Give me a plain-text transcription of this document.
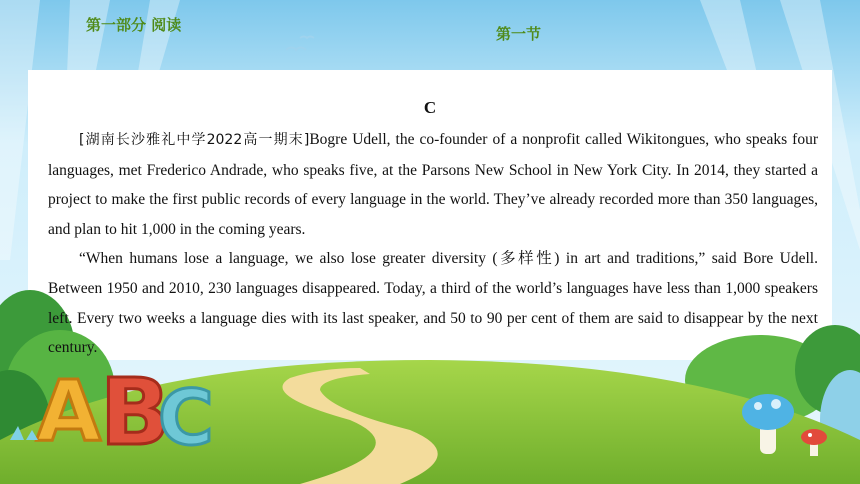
A
B
C
第一部分 阅读	第一节
C

[湖南长沙雅礼中学2022高一期末]Bogre Udell, the co-founder of a nonprofit called Wikitongues, who speaks four languages, met Frederico Andrade, who speaks five, at the Parsons New School in New York City. In 2014, they started a project to make the first public records of every language in the world. They’ve already recorded more than 350 languages, and plan to hit 1,000 in the coming years.

“When humans lose a language, we also lose greater diversity (多样性) in art and traditions,” said Bore Udell. Between 1950 and 2010, 230 languages disappeared. Today, a third of the world’s languages have less than 1,000 speakers left. Every two weeks a language dies with its last speaker, and 50 to 90 per cent of them are said to disappear by the next century.
